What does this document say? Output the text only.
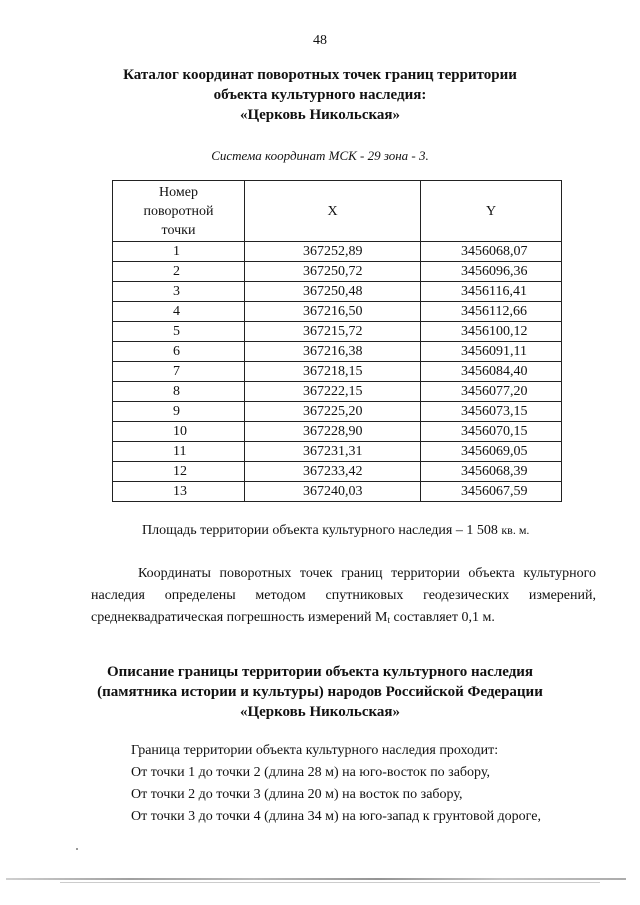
48
Каталог координат поворотных точек границ территории
объекта культурного наследия:
«Церковь Никольская»
Система координат МСК - 29 зона - 3.
Номер
поворотной
точки	X	Y
1	367252,89	3456068,07
2	367250,72	3456096,36
3	367250,48	3456116,41
4	367216,50	3456112,66
5	367215,72	3456100,12
6	367216,38	3456091,11
7	367218,15	3456084,40
8	367222,15	3456077,20
9	367225,20	3456073,15
10	367228,90	3456070,15
11	367231,31	3456069,05
12	367233,42	3456068,39
13	367240,03	3456067,59
Площадь территории объекта культурного наследия – 1 508 кв. м.

Координаты поворотных точек границ территории объекта культурного наследия определены методом спутниковых геодезических измерений, среднеквадратическая погрешность измерений $M_t$ составляет 0,1 м.

Описание границы территории объекта культурного наследия
(памятника истории и культуры) народов Российской Федерации
«Церковь Никольская»
Граница территории объекта культурного наследия проходит:
От точки 1 до точки 2 (длина 28 м) на юго-восток по забору,
От точки 2 до точки 3 (длина 20 м) на восток по забору,
От точки 3 до точки 4 (длина 34 м) на юго-запад к грунтовой дороге,
